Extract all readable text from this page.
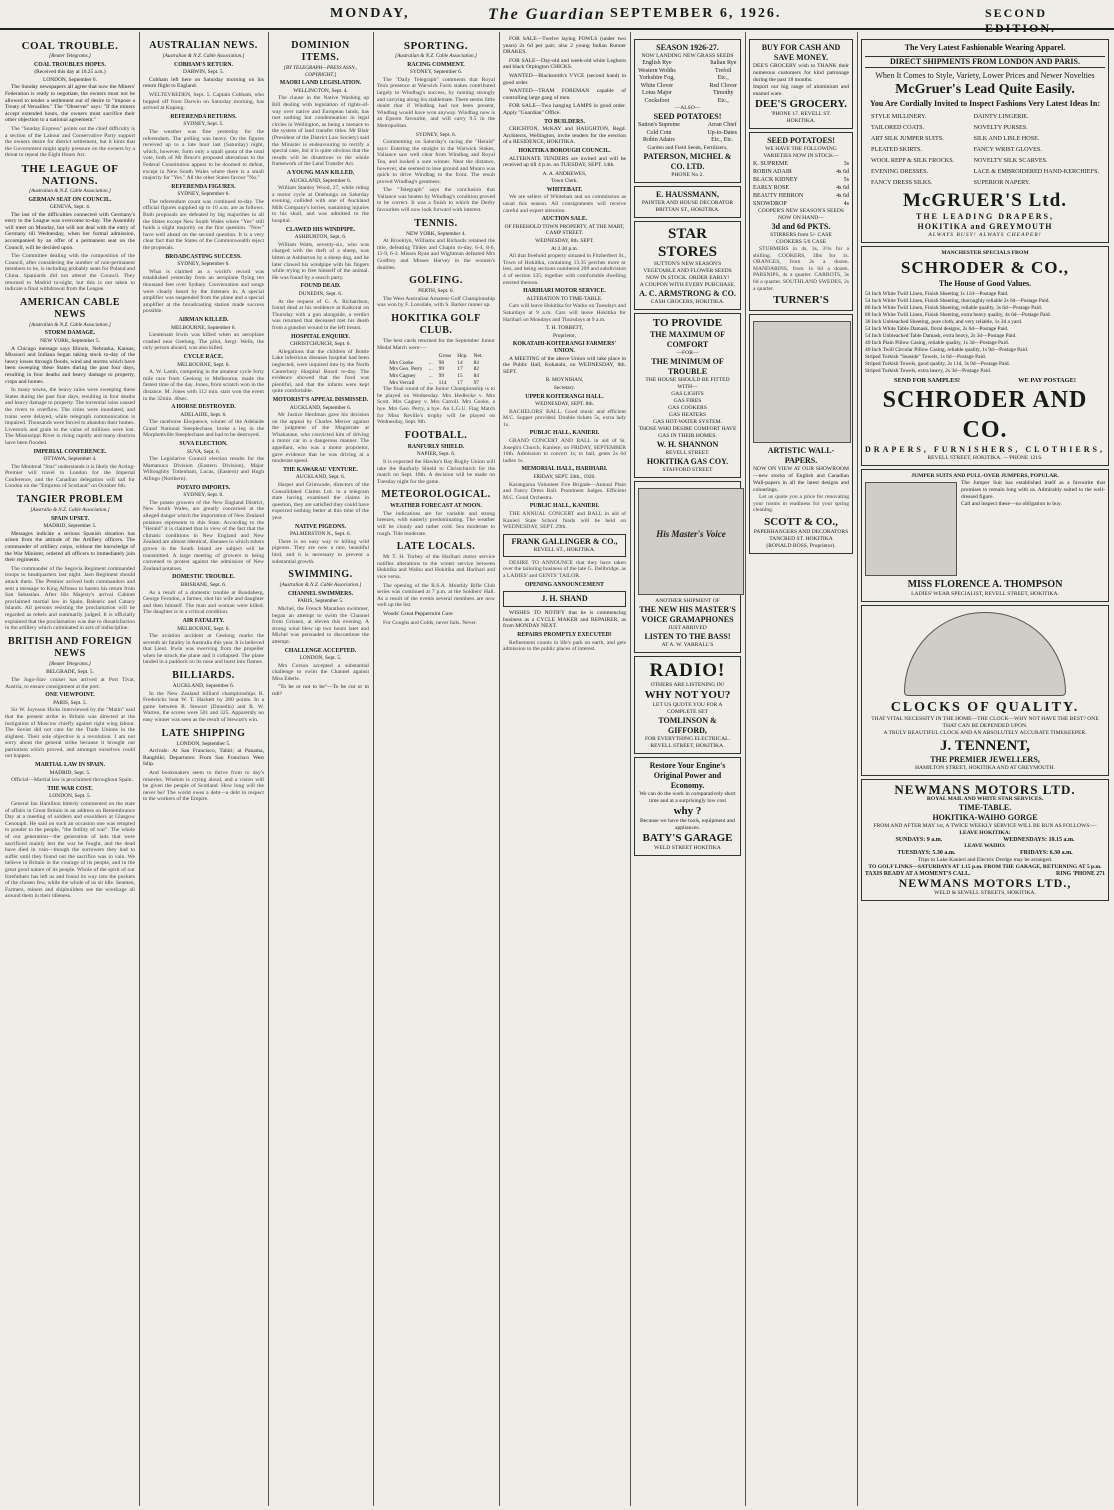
MONDAY,	The Guardian SEPTEMBER 6, 1926.	SECOND EDITION.
COAL TROUBLE.
[Reuter Telegrams.]
COAL TROUBLES HOPES.
(Received this day at 10.25 a.m.)
LONDON, September 6.

The Sunday newspapers all agree that now the Miners' Federation is ready to negotiate, the owners must not be allowed to tender a settlement out of desire to "impose a Treaty of Versailles." The "Observer" says: "If the miners accept extended hours, the owners must sacrifice their other objection to a national agreement."

The "Sunday Express" points out the chief difficulty is a section of the Labour and Conservative Party support the owners desire for district settlement, but it hints that the Government might apply pressure on the owners by a threat to repeal the Eight Hours Act.

THE LEAGUE OF NATIONS.
[Australian & N.Z. Cable Association.]
GERMAN SEAT ON COUNCIL.
GENEVA, Sept. 4.

The last of the difficulties connected with Germany's entry to the League was overcome to-day. The Assembly will meet on Monday, but will not deal with the entry of Germany till Wednesday, when her formal admission, accompanied by an offer of a permanent seat on the Council, will be decided upon.

The Committee dealing with the composition of the Council, after considering the number of non-permanent members to be, is including probably seats for Poland and China. Spaniards did not attend the Council. They returned to Madrid to-night, but this is not taken to indicate a final withdrawal from the League.

AMERICAN CABLE NEWS
[Australian & N.Z. Cable Association.]
STORM DAMAGE.
NEW YORK, September 5.

A Chicago message says Illinois, Nebraska, Kansas, Missouri and Indiana began taking stock to-day of the heavy losses through floods, wind and storms which have been sweeping these States during the past four days, resulting in four deaths and heavy damage to property, crops and homes.

In many towns, the heavy rains were sweeping these States during the past four days, resulting in four deaths and heavy damage to property. The torrential rains caused the rivers to overflow. The cities were inundated, and trains were delayed, while telegraph communication is impaired. Thousands were forced to abandon their homes. Livestock and grain to the value of millions were lost. The Mississippi River is rising rapidly and many districts have been flooded.

IMPERIAL CONFERENCE.
OTTAWA, September 4.

The Montreal "Star" understands it is likely the Acting-Premier will travel to London for the Imperial Conference, and the Canadian delegation will sail for London on the "Empress of Scotland" on October 6th.

TANGIER PROBLEM
[Australia & N.Z. Cable Association.]
SPAIN UPSET.
MADRID, September 5.

Messages indicate a serious Spanish situation has arisen from the attitude of the Artillery officers. The commander of artillery corps, without the knowledge of the War Minister, ordered all officers to immediately join their regiments.

The commander of the Segovia Regiment commanded troops to headquarters last night. Jaen Regiment should attack them. The Premier arrived both commanders and sent a message to King Alfonso to hasten his return from San Sebastian. After His Majesty's arrival Cabinet proclaimed martial law in Spain, Balearic and Canary Islands. All persons resisting the proclamation will be regarded as rebels and summarily judged. It is officially explained that the proclamation was due to dissatisfaction in the artillery which culminated in acts of indiscipline.

BRITISH AND FOREIGN NEWS
[Reuter Telegrams.]
BELGRADE, Sept. 5.

The Jugo-Slav cruiser has arrived at Port Tivat, Austria, to ensure consignment at the port.

ONE VIEWPOINT.
PARIS, Sept. 5.

Sir W. Joynson Hicks interviewed by the "Matin" said that the present strike in Britain was directed at the instigation of Moscow chiefly against right wing labour. The Soviet did not care for the Trade Unions in the slightest. Their sole objective is a revolution. I am not sorry about the general strike because it brought out patriotism which proved, and amongst ourselves could not happen.

MARTIAL LAW IN SPAIN.
MADRID, Sept. 5.

Official—Martial law is proclaimed throughout Spain.

THE WAR COST.
LONDON, Sept. 5.

General Ian Hamilton bitterly commented on the state of affairs in Great Britain in an address on Remembrance Day at a meeting of soldiers and exsoldiers at Glasgow Cenotaph. He said on such an occasion one was tempted to ponder to the people, "the futility of war". The whole of our generation—the generation of lads that were sacrificed mainly lest the war be fought, and the dead have died in vain—though the sorrowers they had to suffer until they found out the sacrifice was in vain. We believe in Britain in the courage of its people, and in the great good nature of its people. Whole of the spirit of our forefathers has left us and found its way into the pockets of the chosen few, while the whole of us sit idle. Seamen, Farmers, miners and shipbuilders see the wreckage all around them in their idleness.

AUSTRALIAN NEWS.
[Australian & N.Z. Cable Association.]
COBHAM'S RETURN.
DARWIN, Sept. 5.

Cobham left here on Saturday morning on his return flight to England.

WELTEVREDEN, Sept. 5. Captain Cobham, who hopped off from Darwin on Saturday morning, has arrived at Kupang.

REFERENDA RETURNS.
SYDNEY, Sept. 5.

The weather was fine yesterday for the referendum. The polling was heavy. On the figures received up to a late hour last (Saturday) night, which, however, form only a small quota of the total vote, both of Mr Bruce's proposed alterations to the Federal Constitution appear to be doomed to defeat, except in New South Wales where there is a small majority for "Yes." All the other States favour "No."

REFERENDA FIGURES.
SYDNEY, September 6.

The referendum count was continued to-day. The official figures supplied up to 10 a.m. are as follows. Both proposals are defeated by big majorities in all the States except New South Wales where "Yes" still holds a slight majority on the first question. "Now" have well ahead on the second question. It is a very clear fact that the States of the Commonwealth reject the proposals.

BROADCASTING SUCCESS.
SYDNEY, September 6.

What is claimed as a world's record was established yesterday from an aeroplane flying ten thousand feet over Sydney. Conversation and songs were clearly heard by the listeners in. A special amplifier was suspended from the plane and a special amplifier at the broadcasting station made success possible.

AIRMAN KILLED.
MELBOURNE, September 6.

Lieutenant Irwin was killed when an aeroplane crashed near Geelong. The pilot, Sergt. Wells, the only person aboard, was also killed.

CYCLE RACE.
MELBOURNE, Sept. 6.

A. W. Lamb, competing in the amateur cycle forty mile race from Geelong to Melbourne, made the fastest time of the day. Jones, from scratch won in the distance. M. Jones with 112 min. start won the event in the 32min. 40sec.

A HORSE DESTROYED.
ADELAIDE, Sept. 6.

The racehorse Eloquence, winner of the Adelaide Grand National Steeplechase, broke a leg in the Morphettville Steeplechase and had to be destroyed.

SUVA ELECTION.
SUVA, Sept. 6.

The Legislative Council election results for the Mamanuca Division (Eastern Division), Major Willoughby Tottenham, Lucas, (Eastern) and Hugh Allingo (Northern).

POTATO IMPORTS.
SYDNEY, Sept. 6.

The potato growers of the New England District, New South Wales, are greatly concerned at the alleged danger which the importation of New Zealand potatoes represents to this State. According to the "Herald" it is claimed that in view of the fact that the climatic conditions in New England and New Zealand are almost identical, diseases to which tubers grown in the South Island are subject will be transmitted. A large meeting of growers is being convened to protest against the admission of New Zealand potatoes.

DOMESTIC TROUBLE.
BRISBANE, Sept. 6.

As a result of a domestic trouble at Bundaberg, George Ferndon, a farmer, shot his wife and daughter and then himself. The man and woman were killed. The daughter is in a critical condition.

AIR FATALITY.
MELBOURNE, Sept. 6.

The aviation accident at Geelong marks the seventh air fatality in Australia this year. It is believed that Lieut. Irwin was swerving from the propeller when he struck the plane and it collapsed. The plane landed in a paddock on its nose and burst into flames.

BILLIARDS.
AUCKLAND, September 6.

In the New Zealand billiard championships R. Fredericks beat W. T. Hackett by 280 points. In a game between R. Stewart (Dunedin) and R. W. Warren, the scores were 501 and 325. Apparently no easy winner was seen as the result of Stewart's win.

LATE SHIPPING
LONDON, September 5.

Arrivals: At San Francisco, Tahiti; at Panama, Rangitiki; Departures: From San Francisco West Islip.

And bookmakers seem to thrive from to day's miseries. Wisdom is crying aloud, and a vision will be given the people of Scotland. How long will the never be? The world owes a debt—a debt in respect to the workers of the Empire.

DOMINION ITEMS.
[BY TELEGRAPH—PRESS ASSN., COPYRIGHT.]
MAORI LAND LEGISLATION.
WELLINGTON, Sept. 4.

The clause in the Native Washing up Bill dealing with legislation of rights-of-way over native and European lands, has met nothing but condemnation in legal circles in Wellington, as being a menace to the system of land transfer titles. Mr Blair (President of the District Law Society) said the Minister is endeavouring to rectify a special case, but it is quite obvious that the results will be disastrous to the whole framework of the Land Transfer Act.

A YOUNG MAN KILLED.
AUCKLAND, September 6.

William Stanley Wood, 27, while riding a motor cycle at Onehunga on Saturday evening, collided with one of Auckland Milk Company's lorries, sustaining injuries to his skull, and was admitted to the hospital.

CLAWED HIS WINDPIPE.
ASHBURTON, Sept. 6.

William Watts, seventy-six, who was charged with the theft of a sheep, was bitten at Ashburton by a sheep dog, and he later clawed his windpipe with his fingers while trying to free himself of the animal. He was found by a search party.

FOUND DEAD.
DUNEDIN, Sept. 6.

At the request of G. A. Richardson, found dead at his residence at Kaikorai on Thursday with a gun alongside, a verdict was returned that deceased met his death from a gunshot wound in the left breast.

HOSPITAL ENQUIRY.
CHRISTCHURCH, Sept. 6.

Allegations that the children of Bottle Lake infectious diseases hospital had been neglected, were inquired into by the North Canterbury Hospital Board to-day. The evidence showed that the food was plentiful, and that the infants were kept quite comfortable.

MOTORIST'S APPEAL DISMISSED.
AUCKLAND, September 6.

Mr Justice Herdman gave his decision on the appeal by Charles Mercer against the judgment of the Magistrate at Whakatane, who convicted him of driving a motor car in a dangerous manner. The appellant, who was a motor proprietor, gave evidence that he was driving at a moderate speed.

THE KAWARAU VENTURE.
AUCKLAND, Sept. 6.

Harper and Grimwade, directors of the Consolidated Claims Ltd. in a telegram state having examined the claims in question, they are satisfied they could have expected nothing better at this time of the year.

NATIVE PIGEONS.
PALMERSTON N., Sept. 6.

There is no easy way to killing wild pigeons. They are now a rare, beautiful bird, and it is necessary to prevent a substantial growth.

SWIMMING.
[Australian & N.Z. Cable Association.]
CHANNEL SWIMMERS.
PARIS, September 5.

Michel, the French Marathon swimmer, began an attempt to swim the Channel from Grisnez, at eleven this evening. A strong wind blew up two hours later and Michel was persuaded to discontinue the attempt.

CHALLENGE ACCEPTED.
LONDON, Sept. 5.

Mrs Corson accepted a substantial challenge to swim the Channel against Miss Ederle.

"To be or not to be"—To be cut or to rub?

SPORTING.
[Australian & N.Z. Cable Association.]
RACING COMMENT.
SYDNEY, September 6.

The "Daily Telegraph" comments that Royal Tea's presence at Warwick Farm stakes contributed largely to Windbag's success, by running strongly and carrying along his stablemate. There seems little doubt that if Windbag had not been present, Windbag would have won anyway. Windbag now is an Epsom favourite, and will carry 9.5 in the Metropolitan.

SYDNEY, Sept. 6.

Commenting on Saturday's racing the "Herald" says: Entering the straight in the Warwick Stakes, Valiance saw well clear from Windbag and Royal Tea, and looked a sure winner. Near the distance, however, she seemed to lose ground and Munro was quick to drive Windbag to the front. The result proved Windbag's greatness.

The "Telegraph" says the conclusion that Valiance was beaten by Windbag's condition proved to be correct. It was a finish to which the Derby favourites will now look forward with interest.

TENNIS.
NEW YORK, September 4.

At Brooklyn, Williams and Richards retained the title, defeating Tilden and Chapin to-day, 6-4, 8-6, 11-9, 6-3. Misses Ryan and Wightman defeated Mrs Godfrey and Misses Harvey in the women's doubles.

GOLFING.
PERTH, Sept. 6.

The West Australian Amateur Golf Championship was won by F. Lonsdale, with S. Barker runner up.

HOKITIKA GOLF CLUB.

The best cards returned for the September Junior Medal Match were:—

		Gross	Hcp.	Net.
Mrs Cooke	...	98	14	84
Mrs Geo. Perry	...	99	17	82
Mrs Cagney	...	99	15	84
Mrs Vercall	...	114	17	97

The final round of the Junior Championship is to be played on Wednesday. Mrs Hedlecke v. Mrs Scott. Mrs Cagney v. Mrs Carroll. Mrs Cooke, a bye. Mrs Geo. Perry, a bye. An L.G.U. Flag Match for Miss Reville's trophy will be played on Wednesday, Sept. 8th.

FOOTBALL.
RANFURLY SHIELD.
NAPIER, Sept. 6.

It is expected the Hawke's Bay Rugby Union will take the Ranfurly Shield to Christchurch for the match on Sept. 18th. A decision will be made on Tuesday night for the game.

METEOROLOGICAL.
WEATHER FORECAST AT NOON.

The indications are for variable and strong breezes, with easterly predominating. The weather will be cloudy and rather cold. Sea moderate to rough. Tide moderate.

LATE LOCALS.

Mr T. H. Torbey of the Harihari motor service notifies alterations to the winter service between Hokitika and Waiho and Hokitika and Harihari and vice versa.

The opening of the R.S.A. Monthly Rifle Club series was continued at 7 p.m. at the Soldiers' Hall. As a result of the events several members are now well up the list.

Woods' Great Peppermint Cure

For Coughs and Colds, never fails. Never.

FOR SALE—Twelve laying FOWLS (under two years) 2s 6d per pair; also 2 young Indian Runner DRAKES.

FOR SALE—Day-old and week-old white Leghorn and black Orpington CHICKS.

WANTED—Blacksmith's VYCE (second hand) in good order.

WANTED—TRAM FOREMAN capable of controlling large gang of men.

FOR SALE—Two hanging LAMPS in good order. Apply "Guardian" Office.

TO BUILDERS.

CRICHTON, McKAY and HAUGHTON, Regd. Architects, Wellington, invite tenders for the erection of a RESIDENCE, HOKITIKA.

HOKITIKA BOROUGH COUNCIL.

ALTERNATE TENDERS are invited and will be received up till 4 p.m. on TUESDAY, SEPT. 14th.

A. A. ANDREWES,
Town Clerk.
WHITEBAIT.

We are sellers of Whitebait and on commission as usual this season. All consignments will receive careful and expert attention.

AUCTION SALE.
OF FREEHOLD TOWN PROPERTY, AT THE MART, CAMP STREET.
WEDNESDAY, 8th. SEPT.
At 2.30 p.m.

All that freehold property situated in Fitzherbert St., Town of Hokitika, containing 13.35 perches more or less, and being sections numbered 209 and subdivision 4 of section 335; together with comfortable dwelling erected thereon.

HARIHARI MOTOR SERVICE.
ALTERATION TO TIME-TABLE.

Cars will leave Hokitika for Waiho on Tuesdays and Saturdays at 9 a.m. Cars will leave Hokitika for Harihari on Mondays and Thursdays at 9 a.m.

T. H. TORBETT,
Proprietor,
KOKATAHI-KOITERANGI FARMERS' UNION.

A MEETING of the above Union will take place in the Public Hall, Kokatahi, on WEDNESDAY, 8th. SEPT.

R. MOYNIHAN,
Secretary.
UPPER KOITERANGI HALL.
WEDNESDAY, SEPT. 8th.

BACHELORS' BALL. Good music and efficient M.C. Supper provided. Double tickets 5s, extra lady 1s.

PUBLIC HALL, KANIERI.

GRAND CONCERT AND BALL in aid of St. Joseph's Church, Kaniere, on FRIDAY, SEPTEMBER 10th. Admission to concert 1s; to ball, gents 2s 6d ladies 1s.

MEMORIAL HALL, HARIHARI.
FRIDAY, SEPT. 24th., 1926.

Karangarua Volunteer Fire Brigade—Annual Plain and Fancy Dress Ball. Prominent Judges. Efficient M.C. Good Orchestra.

PUBLIC HALL, KANIERI.

THE ANNUAL CONCERT and BALL in aid of Kanieri State School funds will be held on WEDNESDAY, SEPT. 29th.

FRANK GALLINGER & CO.,
REVELL ST., HOKITIKA.

DESIRE TO ANNOUNCE that they have taken over the tailoring business of the late G. Dellbridge, as a LADIES' and GENTS' TAILOR.

OPENING ANNOUNCEMENT
J. H. SHAND

WISHES TO NOTIFY that he is commencing business as a CYCLE MAKER and REPAIRER, as from MONDAY NEXT.

REPAIRS PROMPTLY EXECUTED!

Refinement counts in life's path on earth, and gets admission to the public places of interest.

SEASON 1926-27.
NOW LANDING NEW GRASS SEEDS
English Rye
Western Wolths
Yorkshire Fog,
White Clover
Lotus Major
Cocksfoot
Italian Rye
Trefoil
Etc.,
Red Clover
Timothy
Etc.,
—ALSO—
SEED POTATOES!
Sutton's Supreme
Cold Coin
Robin Adairs
Arran Chief
Up-to-Dates
Etc., Etc.
Garden and Field Seeds, Fertilizers,
PATERSON, MICHEL & CO. LTD.
PHONE No 2.
E. HAUSSMANN,
PAINTER AND HOUSE DECORATOR BRITTAN ST., HOKITIKA.
STAR STORES
SUTTON'S NEW SEASON'S VEGETABLE AND FLOWER SEEDS NOW IN STOCK. ORDER EARLY!
A COUPON WITH EVERY PURCHASE.
A. C. ARMSTRONG & CO.
CASH GROCERS, HOKITIKA.
TO PROVIDE
THE MAXIMUM OF COMFORT
—FOR—
THE MINIMUM OF TROUBLE
THE HOUSE SHOULD BE FITTED WITH—
GAS LIGHTS
GAS FIRES
GAS COOKERS
GAS HEATERS
GAS HOT-WATER SYSTEM.
THOSE WHO DESIRE COMFORT HAVE GAS IN THEIR HOMES.
W. H. SHANNON
REVELL STREET.
HOKITIKA GAS COY.
STAFFORD STREET
His Master's Voice
ANOTHER SHIPMENT OF
THE NEW HIS MASTER'S VOICE GRAMAPHONES
JUST ARRIVED
LISTEN TO THE BASS!
AT A. W. YARRALL'S
RADIO!
OTHERS ARE LISTENING IN!
WHY NOT YOU?
LET US QUOTE YOU FOR A COMPLETE SET
TOMLINSON & GIFFORD,
FOR EVERYTHING ELECTRICAL.
REVELL STREET, HOKITIKA.
Restore Your Engine's Original Power and Economy.
We can do the work in comparatively short time and at a surprisingly low cost
why ?
Because we have the tools, equipment and appliances.
BATY'S GARAGE
WELD STREET HOKITIKA
BUY FOR CASH AND SAVE MONEY.
DEE'S GROCERY wish to THANK their numerous customers for kind patronage during the past 18 months.
Import our big range of aluminium and enamel ware.
DEE'S GROCERY.
'PHONE 17. REVELL ST.
HOKITIKA.
SEED POTATOES!
WE HAVE THE FOLLOWING VARIETIES NOW IN STOCK—
K. SUPREME	3s
ROBIN ADAIR	4s 6d
BLACK KIDNEY	5s
EARLY ROSE	4s 6d
BEAUTY HEBRON	4s 6d
SNOWDROP	4s
COOPER'S NEW SEASON'S SEEDS NOW ON HAND—
3d and 6d PKTS.
STIRRERS from 5/- CASE
COOKERS 5/6 CASE

STURMERS in 4s, 3s, 3½s for a shilling. COOKERS, 3lbs for 1s. ORANGES, from 2s a dozen. MANDARINS, from 1s 6d a dozen. PARSNIPS, 4s a quarter. CARROTS, 3s 6d a quarter. SOUTHLAND SWEDES, 2s a quarter.

TURNER'S
ARTISTIC WALL-PAPERS.
NOW ON VIEW AT OUR SHOWROOM—new stocks of English and Canadian Wall-papers in all the latest designs and colourings.

Let us quote you a price for renovating your rooms in readiness for your spring cleaning.

SCOTT & CO.,
PAPERHANGERS AND DECORATORS
TANCRED ST. HOKITIKA
(RONALD ROSS, Proprietor).
The Very Latest Fashionable Wearing Apparel.
DIRECT SHIPMENTS FROM LONDON AND PARIS.
When It Comes to Style, Variety, Lower Prices and Newer Novelties
McGruer's Lead Quite Easily.
You Are Cordially Invited to Inspect Fashions Very Latest Ideas In:
STYLE MILLINERY.
TAILORED COATS.
ART SILK JUMPER SUITS.
PLEATED SKIRTS.
WOOL REPP & SILK FROCKS.
EVENING DRESSES.
FANCY DRESS SILKS.
DAINTY LINGERIE.
NOVELTY PURSES.
SILK AND LISLE HOSE.
FANCY WRIST GLOVES.
NOVELTY SILK SCARVES.
LACE & EMBROIDERED HAND-KERCHIEFS.
SUPERIOR NAPERY.
McGRUER'S Ltd.
THE LEADING DRAPERS,
HOKITIKA and GREYMOUTH
ALWAYS BUSY! ALWAYS CHEAPER!
MANCHESTER SPECIALS FROM
SCHRODER & CO.,
The House of Good Values.
54 Inch White Twill Linen, Finish Sheeting 1s 11d—Postage Paid.
54 Inch White Twill Linen, Finish Sheeting, thoroughly reliable 2s 6d—Postage Paid.
80 Inch White Twill Linen, Finish Sheeting, reliable quality, 3s 6d—Postage Paid.
80 Inch White Twill Linen, Finish Sheeting, extra heavy quality, 4s 6d—Postage Paid.
36 Inch Unbleached Sheeting, pure cloth, and very reliable, 1s 3d a yard.
54 Inch White Table Damask, floral designs, 2s 6d—Postage Paid.
54 Inch Unbleached Table Damask, extra heavy, 2s 3d—Postage Paid.
40 Inch Plain Pillow Casing, reliable quality, 1s 3d—Postage Paid.
40 Inch Twill Circular Pillow Casing, reliable quality, 1s 9d—Postage Paid.
Striped Turkish "Seaside" Towels, 1s 6d—Postage Paid.
Striped Turkish Towels, good quality, 2s 11d, 3s 9d—Postage Paid.
Striped Turkish Towels, extra heavy, 2s 3d—Postage Paid.
SEND FOR SAMPLES!	WE PAY POSTAGE!
SCHRODER AND CO.
DRAPERS, FURNISHERS, CLOTHIERS,
REVELL STREET, HOKITIKA. —'PHONE 121S.
JUMPER SUITS AND PULL-OVER JUMPERS, POPULAR.
The Jumper Suit has established itself as a favourite that promises to remain long with us. Admirably suited to the well-dressed figure.
Call and inspect these—no obligation to buy.
MISS FLORENCE A. THOMPSON
LADIES' WEAR SPECIALIST, REVELL STREET, HOKITIKA.
CLOCKS OF QUALITY.
THAT VITAL NECESSITY IN THE HOME—THE CLOCK—WHY NOT HAVE THE BEST? ONE THAT CAN BE DEPENDED UPON.
A TRULY BEAUTIFUL CLOCK AND AN ABSOLUTELY ACCURATE TIMEKEEPER.
J. TENNENT,
THE PREMIER JEWELLERS,
HAMILTON STREET, HOKITIKA AND AT GREYMOUTH.
NEWMANS MOTORS LTD.
ROYAL MAIL AND WHITE STAR SERVICES.
TIME-TABLE.
HOKITIKA-WAIHO GORGE
FROM AND AFTER MAY 1st, A TWICE WEEKLY SERVICE WILL BE RUN AS FOLLOWS:—
LEAVE HOKITIKA:
SUNDAYS: 9 a.m.	WEDNESDAYS: 10.15 a.m.
LEAVE WAIHO:
TUESDAYS: 5.30 a.m.	FRIDAYS: 6.30 a.m.
Trips to Lake Kanieri and Electric Dredge may be arranged.
TO GOLF LINKS—SATURDAYS AT 1.15 p.m. FROM THE GARAGE, RETURNING AT 5 p.m.
TAXIS READY AT A MOMENT'S CALL.	RING 'PHONE 271
NEWMANS MOTORS LTD.,
WELD & SEWELL STREETS, HOKITIKA.
